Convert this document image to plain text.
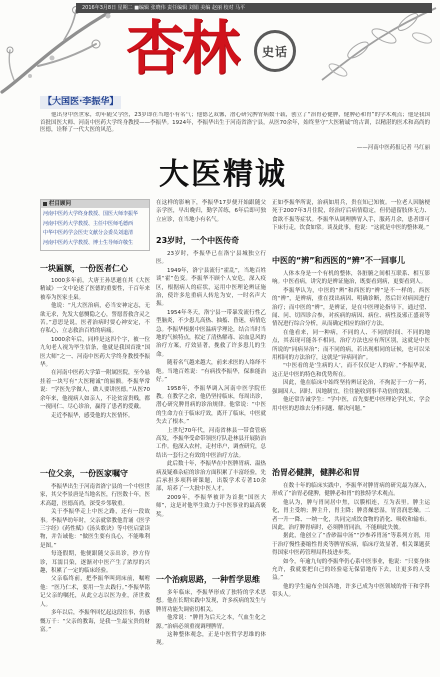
2016年3月8日 星期二 ■编辑 张晓伟 责任编辑 刘娟 美编 赵丽 校对 马平
杏林 史话
【大国医·李振华】
他出身中医世家，幼年随父学医，23岁即在当地小有名气；他德艺双馨，潜心研究脾胃病数十载，创立了“治胃必健脾，健脾必和胃”的学术观点；他是我国首批国医大师、河南中医药大学终身教授——李振华。1924年，李振华出生于河南省洛宁县，从医70余年，始终坚守“大医精诚”的古训，以精湛的医术和高尚的医德，诠释了一代大医的风范。
——河南中医药报记者 马红丽
大医精诚
栏目顾问
河南中医药大学终身教授、国医大师李振华
河南中医药大学教授、主任中医师毛德西
中华中医药学会医史文献分会委员刘道清
河南中医药大学教授、博士生导师许敬生
一块匾额，一份医者仁心

1000多年前，大唐王孙思邈在其《大医精诚》一文中论述了医德的重要性，千百年来被奉为医家圭臬。

他说：“凡大医治病，必当安神定志，无欲无求，先发大慈恻隐之心，誓愿普救含灵之苦。”意思是说，医者治病时要心神安定，不存私心，立志救治百姓的病痛。

1000余年后，同样是这四个字，被一位九旬老人视为毕生信条，他就是我国首批“国医大师”之一、河南中医药大学终身教授李振华。

在河南中医药大学第一附属医院，至今悬挂着一块写有“大医精诚”的匾额。李振华常说：“学医先学做人，做人要讲医德。”从医70余年来，他视病人如亲人，不论贫富贵贱，都一视同仁、尽心诊治，赢得了患者的爱戴。

走近李振华，感受他的大医情怀。

一位父亲，一份医家嘱守

李振华出生于河南省洛宁县的一个中医世家，其父李景唐是当地名医，行医数十年，医术高超，医德高尚，深受乡邻敬重。

关于李振华走上中医之路，还有一段故事。李振华幼年时，父亲就常教他背诵《医学三字经》《药性赋》《汤头歌诀》等中医启蒙读物，并告诫他：“做医生要有良心，不能唯利是图。”

每逢假期，他便跟随父亲出诊，抄方侍诊，耳濡目染，逐渐对中医产生了浓厚的兴趣，积累了一定的临床经验。

父亲临终前，把李振华叫到床前，嘱咐他：“医乃仁术，要用一生去践行。”李振华铭记父亲的嘱托，从此立志以医为业，济世救人。

多年以后，李振华回忆起这段往事，仍感慨万千：“父亲的教诲，是我一生最宝贵的财富。”

在这样的影响下，李振华17岁便开始跟随父亲学医，早出晚归，勤学苦练，6年后即可独立应诊，在当地小有名气。

23岁时，一个中医传奇

23岁时，李振华已在洛宁县城独立行医。

1949年，洛宁县流行“霍乱”，当地百姓谈“霍”色变。李振华不顾个人安危，深入疫区，根据病人的症状，运用中医理论辨证施治，使许多危重病人转危为安，一时名声大振。

1954年冬天，洛宁县一带暴发流行性乙型脑炎，不少患儿高热、抽搐、昏迷，病情危急。李振华根据中医温病学理论，结合当时当地的气候特点，拟定了清热解毒、凉血息风的治疗方案，疗效显著，挽救了许多患儿的生命。

随着名气越来越大，前来求医的人络绎不绝。当地百姓说：“有病找李振华，保准能治好。”

1958年，李振华调入河南中医学院任教。在教学之余，他仍坚持临床，每周出诊，潜心研究脾胃病的诊治规律。他常说：“中医的生命力在于临床疗效，离开了临床，中医就失去了根本。”

上世纪70年代，河南省林县一带食管癌高发，李振华受命带领医疗队赴林县开展防治工作。他深入农村，走村串户，调查研究，总结出一套行之有效的中医治疗方法。

此后数十年，李振华在中医脾胃病、温热病及疑难杂症的诊治方面积累了丰富经验，先后承担多项科研课题，出版学术专著10余部，培养了一大批中医人才。

2009年，李振华被评为首批“国医大师”，这是对他毕生致力于中医事业的最高褒奖。

一个治病思路，一种哲学思维

多年临床，李振华形成了独特的学术思想。他在长期实践中发现，许多疾病的发生与脾胃功能失调密切相关。

他常说：“脾胃为后天之本，气血生化之源。”治病必须重视调理脾胃。

这种整体观念，正是中医哲学思维的体现。

正如李振华所说，治病如用兵，贵在知己知彼。一位老人因脑梗死于2007年3月住院，经治疗后病情稳定，但仍遗留肢体无力、食欲不振等症状。李振华从调理脾胃入手，服药月余，患者即可下床行走，饮食如常。谈及此事，他说：“这就是中医的整体观。”

中医的“辨”和西医的“辨”不一回事儿

人体本身是一个有机的整体，各脏腑之间相互联系、相互影响。中医看病，讲究的是辨证施治，既要看到病，更要看到人。

李振华认为，中医的“辨”和西医的“辨”是不一样的。西医的“辨”，是辨病，重在找出病因、明确诊断，然后针对病因进行治疗；而中医的“辨”，是辨证，是在中医理论指导下，通过望、闻、问、切四诊合参，对疾病的病因、病位、病性及邪正盛衰等情况进行综合分析，从而确定相应的治疗方法。

在他看来，同一种病，不同的人、不同的时间、不同的地点，其表现可能各不相同，治疗方法也应有所区别，这就是中医所说的“同病异治”；而不同的病，若出现相同的证候，也可以采用相同的方法治疗，这就是“异病同治”。

“中医看的是‘生病的人’，而不仅仅是‘人的病’。”李振华说，这正是中医的特色和优势所在。

因此，他在临床中始终坚持辨证论治，不拘泥于一方一药，强调因人、因时、因地制宜，往往能收到事半功倍的效果。

他还常告诫学生：“学中医，首先要把中医理论学扎实，学会用中医的思维去分析问题、解决问题。”

治胃必健脾，健脾必和胃

在数十年的临床实践中，李振华对脾胃病的研究最为深入，形成了“治胃必健脾，健脾必和胃”的独特学术观点。

他认为，脾与胃同居中焦，以膜相连，互为表里。脾主运化，胃主受纳；脾主升，胃主降；脾喜燥恶湿，胃喜润恶燥。二者一升一降、一纳一化，共同完成饮食物的消化、吸收和输布。因此，治疗脾胃病时，必须脾胃同治，不能顾此失彼。

据此，他创立了“香砂温中汤”“沙参养胃汤”等系列方剂，用于治疗慢性萎缩性胃炎等脾胃疾病，临床疗效显著，相关课题获得国家中医药管理局科技进步奖。

如今，年逾九旬的李振华仍心系中医事业，他说：“只要身体允许，我就要把自己的经验毫无保留地传下去，让更多的人受益。”

他的学生遍布全国各地，许多已成为中医领域的骨干和学科带头人。
